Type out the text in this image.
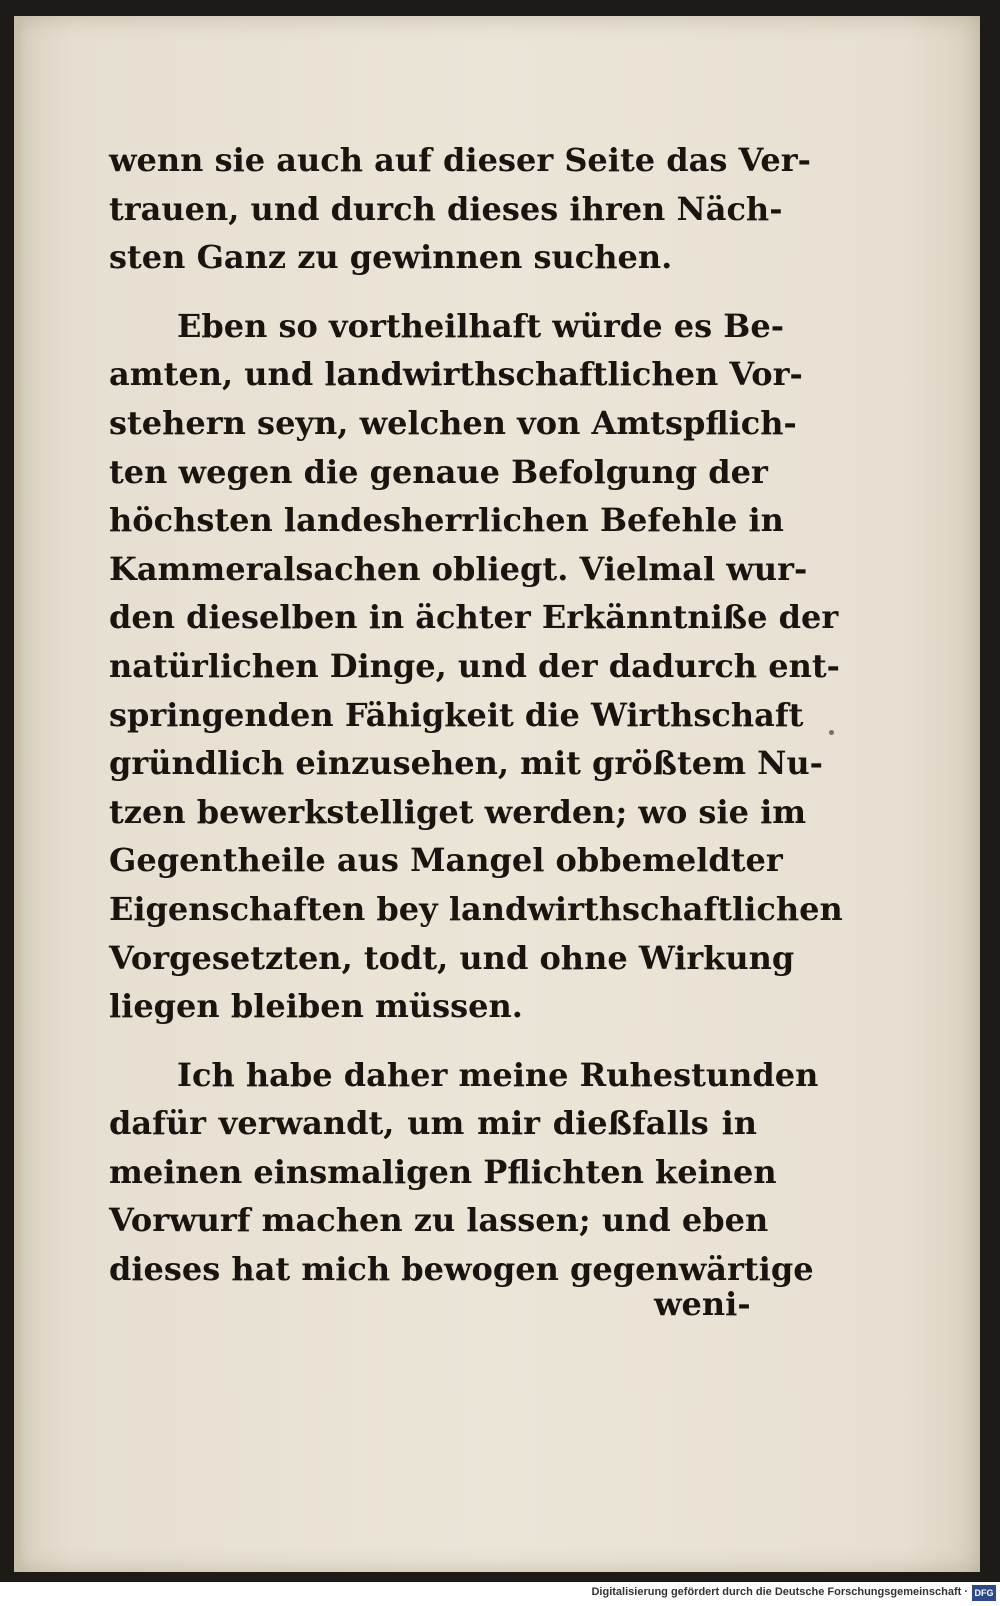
wenn sie auch auf dieser Seite das Ver-
trauen, und durch dieses ihren Näch-
sten Ganz zu gewinnen suchen.
Eben so vortheilhaft würde es Be-
amten, und landwirthschaftlichen Vor-
stehern seyn, welchen von Amtspflich-
ten wegen die genaue Befolgung der
höchsten landesherrlichen Befehle in
Kammeralsachen obliegt. Vielmal wur-
den dieselben in ächter Erkänntniße der
natürlichen Dinge, und der dadurch ent-
springenden Fähigkeit die Wirthschaft
gründlich einzusehen, mit größtem Nu-
tzen bewerkstelliget werden; wo sie im
Gegentheile aus Mangel obbemeldter
Eigenschaften bey landwirthschaftlichen
Vorgesetzten, todt, und ohne Wirkung
liegen bleiben müssen.
Ich habe daher meine Ruhestunden
dafür verwandt, um mir dießfalls in
meinen einsmaligen Pflichten keinen
Vorwurf machen zu lassen; und eben
dieses hat mich bewogen gegenwärtige
weni-
Digitalisierung gefördert durch die Deutsche Forschungsgemeinschaft · DFG
